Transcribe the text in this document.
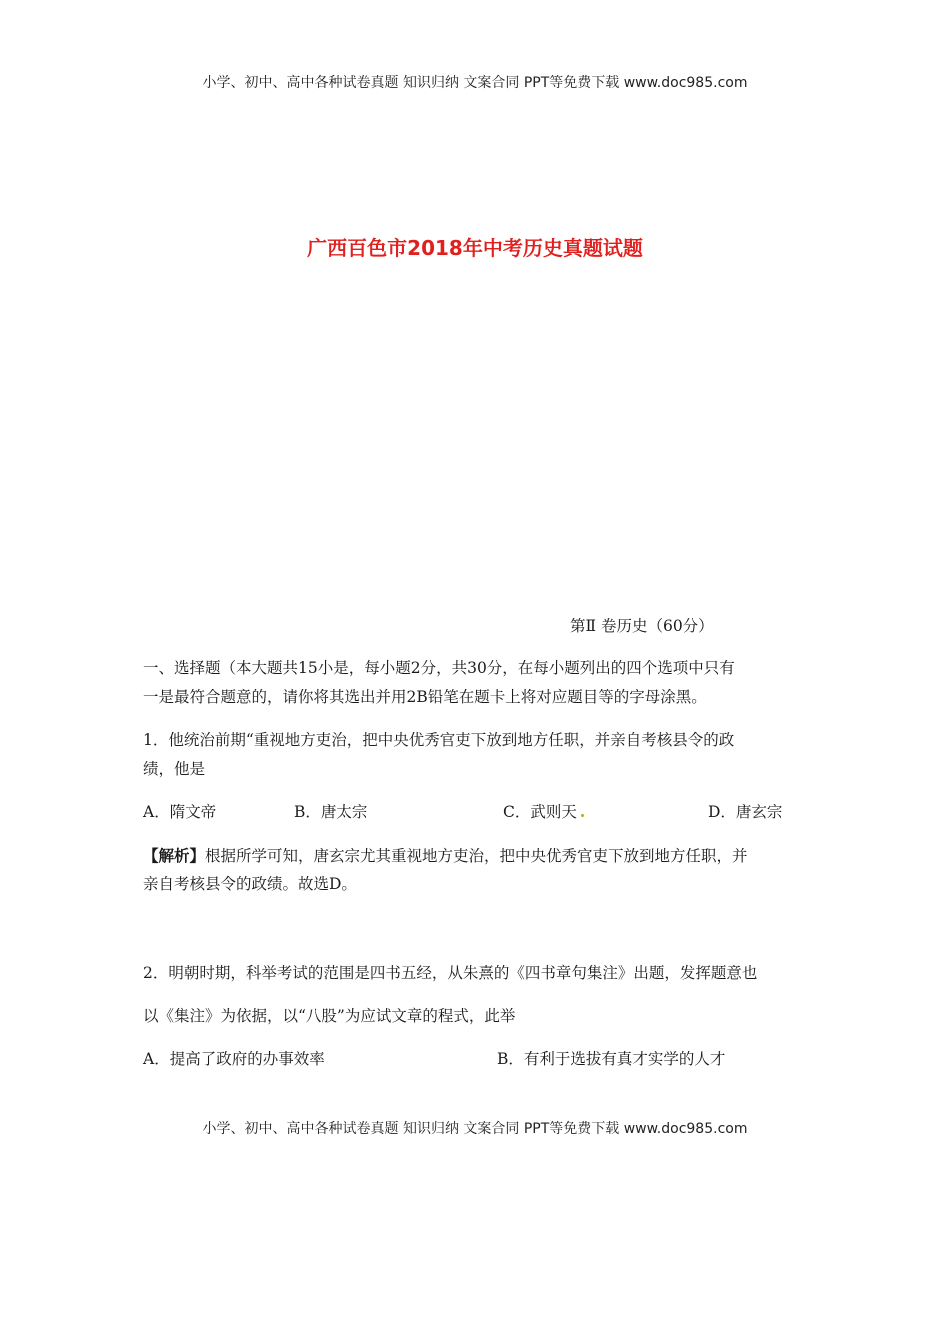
小学、初中、高中各种试卷真题 知识归纳 文案合同 PPT等免费下载 www.doc985.com
广西百色市2018年中考历史真题试题
第Ⅱ 卷历史（60分）
一、选择题（本大题共15小是，每小题2分，共30分，在每小题列出的四个选项中只有
一是最符合题意的，请你将其选出并用2B铅笔在题卡上将对应题目等的字母涂黑。
1．他统治前期“重视地方吏治，把中央优秀官吏下放到地方任职，并亲自考核县令的政
绩，他是
A．隋文帝	B．唐太宗	C．武则天	D．唐玄宗
【解析】根据所学可知，唐玄宗尤其重视地方吏治，把中央优秀官吏下放到地方任职，并
亲自考核县令的政绩。故选D。
2．明朝时期，科举考试的范围是四书五经，从朱熹的《四书章句集注》出题，发挥题意也
以《集注》为依据，以“八股”为应试文章的程式，此举
A．提高了政府的办事效率	B．有利于选拔有真才实学的人才
小学、初中、高中各种试卷真题 知识归纳 文案合同 PPT等免费下载 www.doc985.com
